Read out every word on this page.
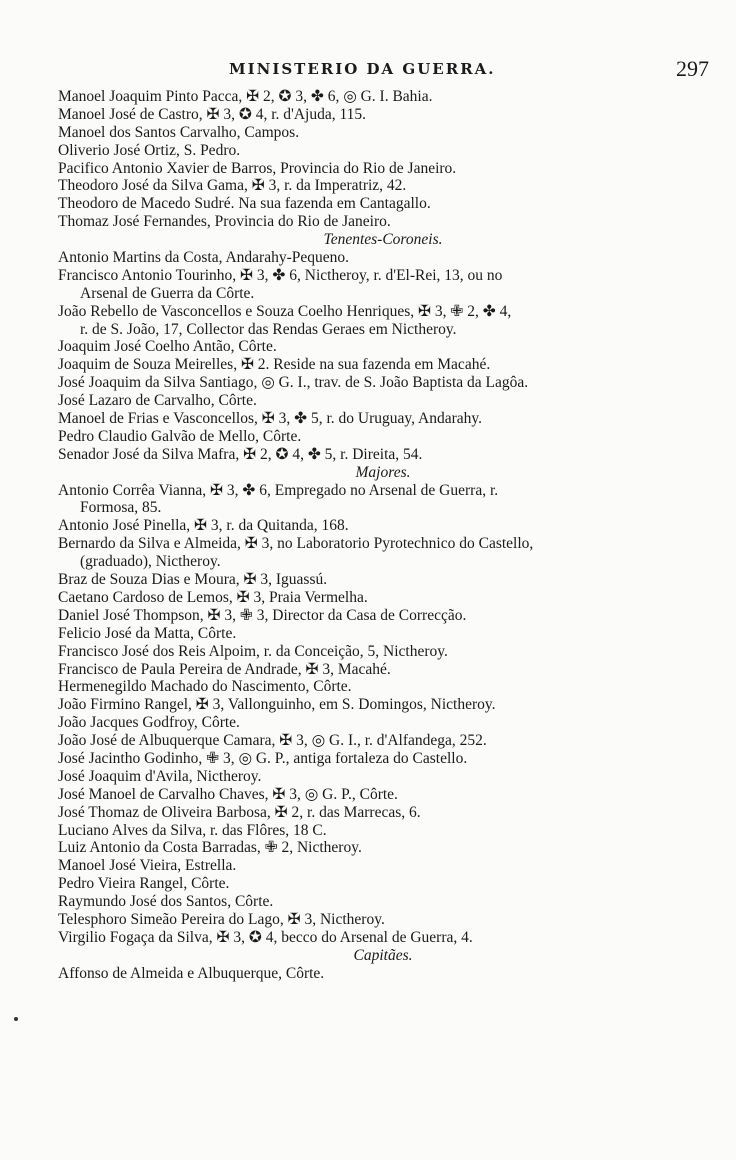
MINISTERIO DA GUERRA.	297
Manoel Joaquim Pinto Pacca, ✠ 2, ✪ 3, ✤ 6, ◎ G. I. Bahia.
Manoel José de Castro, ✠ 3, ✪ 4, r. d'Ajuda, 115.
Manoel dos Santos Carvalho, Campos.
Oliverio José Ortiz, S. Pedro.
Pacifico Antonio Xavier de Barros, Provincia do Rio de Janeiro.
Theodoro José da Silva Gama, ✠ 3, r. da Imperatriz, 42.
Theodoro de Macedo Sudré. Na sua fazenda em Cantagallo.
Thomaz José Fernandes, Provincia do Rio de Janeiro.
Tenentes-Coroneis.
Antonio Martins da Costa, Andarahy-Pequeno.
Francisco Antonio Tourinho, ✠ 3, ✤ 6, Nictheroy, r. d'El-Rei, 13, ou no
Arsenal de Guerra da Côrte.
João Rebello de Vasconcellos e Souza Coelho Henriques, ✠ 3, ✙ 2, ✤ 4,
r. de S. João, 17, Collector das Rendas Geraes em Nictheroy.
Joaquim José Coelho Antão, Côrte.
Joaquim de Souza Meirelles, ✠ 2. Reside na sua fazenda em Macahé.
José Joaquim da Silva Santiago, ◎ G. I., trav. de S. João Baptista da Lagôa.
José Lazaro de Carvalho, Côrte.
Manoel de Frias e Vasconcellos, ✠ 3, ✤ 5, r. do Uruguay, Andarahy.
Pedro Claudio Galvão de Mello, Côrte.
Senador José da Silva Mafra, ✠ 2, ✪ 4, ✤ 5, r. Direita, 54.
Majores.
Antonio Corrêa Vianna, ✠ 3, ✤ 6, Empregado no Arsenal de Guerra, r.
Formosa, 85.
Antonio José Pinella, ✠ 3, r. da Quitanda, 168.
Bernardo da Silva e Almeida, ✠ 3, no Laboratorio Pyrotechnico do Castello,
(graduado), Nictheroy.
Braz de Souza Dias e Moura, ✠ 3, Iguassú.
Caetano Cardoso de Lemos, ✠ 3, Praia Vermelha.
Daniel José Thompson, ✠ 3, ✙ 3, Director da Casa de Correcção.
Felicio José da Matta, Côrte.
Francisco José dos Reis Alpoim, r. da Conceição, 5, Nictheroy.
Francisco de Paula Pereira de Andrade, ✠ 3, Macahé.
Hermenegildo Machado do Nascimento, Côrte.
João Firmino Rangel, ✠ 3, Vallonguinho, em S. Domingos, Nictheroy.
João Jacques Godfroy, Côrte.
João José de Albuquerque Camara, ✠ 3, ◎ G. I., r. d'Alfandega, 252.
José Jacintho Godinho, ✙ 3, ◎ G. P., antiga fortaleza do Castello.
José Joaquim d'Avila, Nictheroy.
José Manoel de Carvalho Chaves, ✠ 3, ◎ G. P., Côrte.
José Thomaz de Oliveira Barbosa, ✠ 2, r. das Marrecas, 6.
Luciano Alves da Silva, r. das Flôres, 18 C.
Luiz Antonio da Costa Barradas, ✙ 2, Nictheroy.
Manoel José Vieira, Estrella.
Pedro Vieira Rangel, Côrte.
Raymundo José dos Santos, Côrte.
Telesphoro Simeão Pereira do Lago, ✠ 3, Nictheroy.
Virgilio Fogaça da Silva, ✠ 3, ✪ 4, becco do Arsenal de Guerra, 4.
Capitães.
Affonso de Almeida e Albuquerque, Côrte.
